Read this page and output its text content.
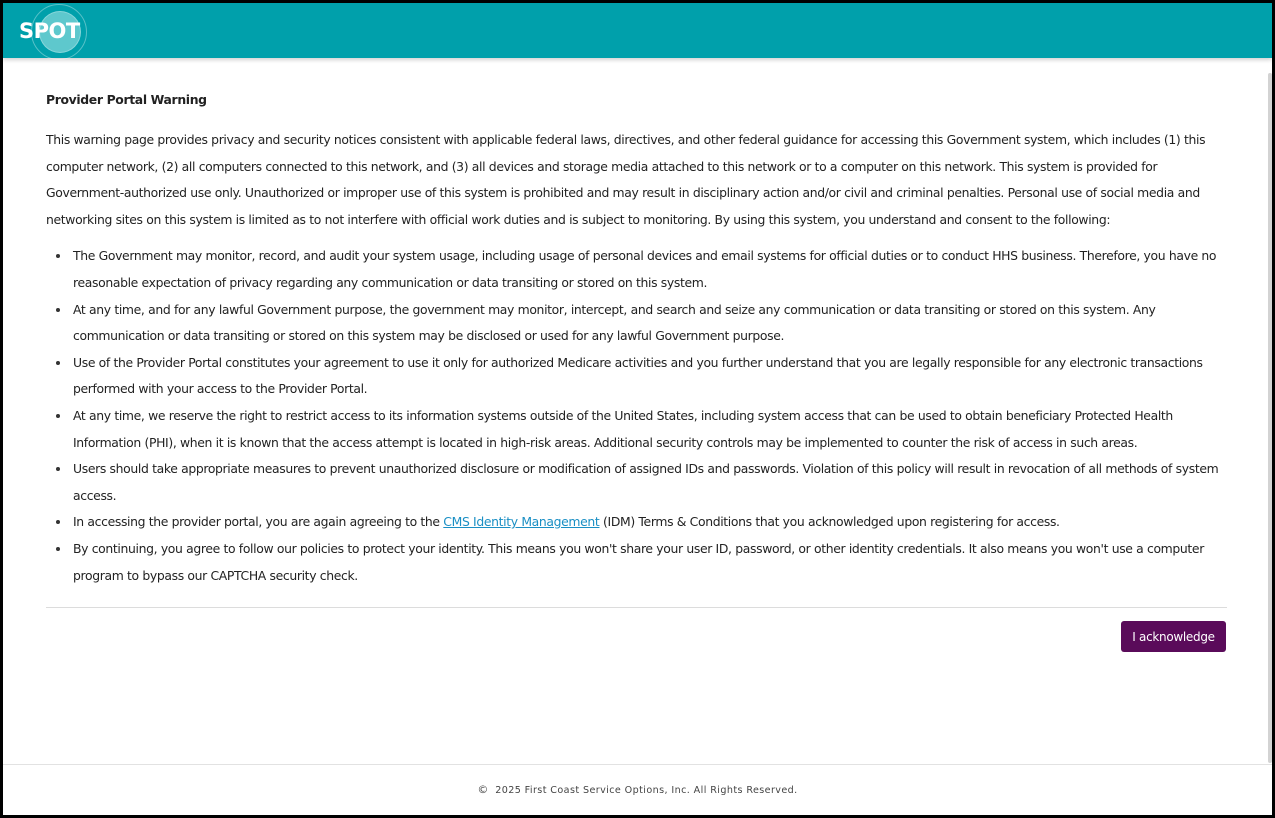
SPOT
Provider Portal Warning

This warning page provides privacy and security notices consistent with applicable federal laws, directives, and other federal guidance for accessing this Government system, which includes (1) this computer network, (2) all computers connected to this network, and (3) all devices and storage media attached to this network or to a computer on this network. This system is provided for Government-authorized use only. Unauthorized or improper use of this system is prohibited and may result in disciplinary action and/or civil and criminal penalties. Personal use of social media and networking sites on this system is limited as to not interfere with official work duties and is subject to monitoring. By using this system, you understand and consent to the following:

The Government may monitor, record, and audit your system usage, including usage of personal devices and email systems for official duties or to conduct HHS business. Therefore, you have no reasonable expectation of privacy regarding any communication or data transiting or stored on this system.
At any time, and for any lawful Government purpose, the government may monitor, intercept, and search and seize any communication or data transiting or stored on this system. Any communication or data transiting or stored on this system may be disclosed or used for any lawful Government purpose.
Use of the Provider Portal constitutes your agreement to use it only for authorized Medicare activities and you further understand that you are legally responsible for any electronic transactions performed with your access to the Provider Portal.
At any time, we reserve the right to restrict access to its information systems outside of the United States, including system access that can be used to obtain beneficiary Protected Health Information (PHI), when it is known that the access attempt is located in high-risk areas. Additional security controls may be implemented to counter the risk of access in such areas.
Users should take appropriate measures to prevent unauthorized disclosure or modification of assigned IDs and passwords. Violation of this policy will result in revocation of all methods of system access.
In accessing the provider portal, you are again agreeing to the CMS Identity Management (IDM) Terms & Conditions that you acknowledged upon registering for access.
By continuing, you agree to follow our policies to protect your identity. This means you won't share your user ID, password, or other identity credentials. It also means you won't use a computer program to bypass our CAPTCHA security check.
I acknowledge
© 2025 First Coast Service Options, Inc. All Rights Reserved.
